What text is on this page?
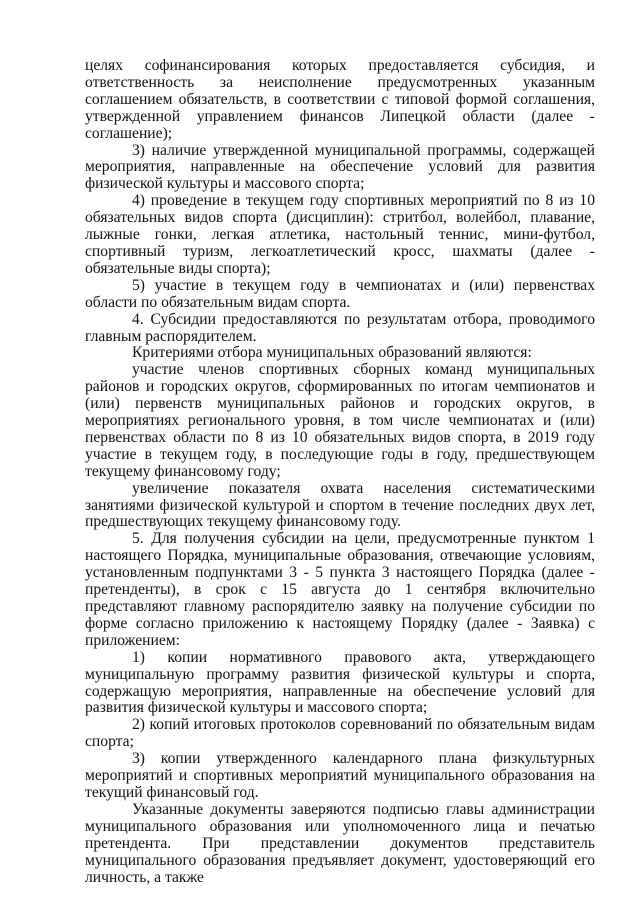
целях софинансирования которых предоставляется субсидия, и ответственность за неисполнение предусмотренных указанным соглашением обязательств, в соответствии с типовой формой соглашения, утвержденной управлением финансов Липецкой области (далее - соглашение);

3) наличие утвержденной муниципальной программы, содержащей мероприятия, направленные на обеспечение условий для развития физической культуры и массового спорта;

4) проведение в текущем году спортивных мероприятий по 8 из 10 обязательных видов спорта (дисциплин): стритбол, волейбол, плавание, лыжные гонки, легкая атлетика, настольный теннис, мини-футбол, спортивный туризм, легкоатлетический кросс, шахматы (далее - обязательные виды спорта);

5) участие в текущем году в чемпионатах и (или) первенствах области по обязательным видам спорта.

4. Субсидии предоставляются по результатам отбора, проводимого главным распорядителем.

Критериями отбора муниципальных образований являются:

участие членов спортивных сборных команд муниципальных районов и городских округов, сформированных по итогам чемпионатов и (или) первенств муниципальных районов и городских округов, в мероприятиях регионального уровня, в том числе чемпионатах и (или) первенствах области по 8 из 10 обязательных видов спорта, в 2019 году участие в текущем году, в последующие годы в году, предшествующем текущему финансовому году;

увеличение показателя охвата населения систематическими занятиями физической культурой и спортом в течение последних двух лет, предшествующих текущему финансовому году.

5. Для получения субсидии на цели, предусмотренные пунктом 1 настоящего Порядка, муниципальные образования, отвечающие условиям, установленным подпунктами 3 - 5 пункта 3 настоящего Порядка (далее - претенденты), в срок с 15 августа до 1 сентября включительно представляют главному распорядителю заявку на получение субсидии по форме согласно приложению к настоящему Порядку (далее - Заявка) с приложением:

1) копии нормативного правового акта, утверждающего муниципальную программу развития физической культуры и спорта, содержащую мероприятия, направленные на обеспечение условий для развития физической культуры и массового спорта;

2) копий итоговых протоколов соревнований по обязательным видам спорта;

3) копии утвержденного календарного плана физкультурных мероприятий и спортивных мероприятий муниципального образования на текущий финансовый год.

Указанные документы заверяются подписью главы администрации муниципального образования или уполномоченного лица и печатью претендента. При представлении документов представитель муниципального образования предъявляет документ, удостоверяющий его личность, а также
